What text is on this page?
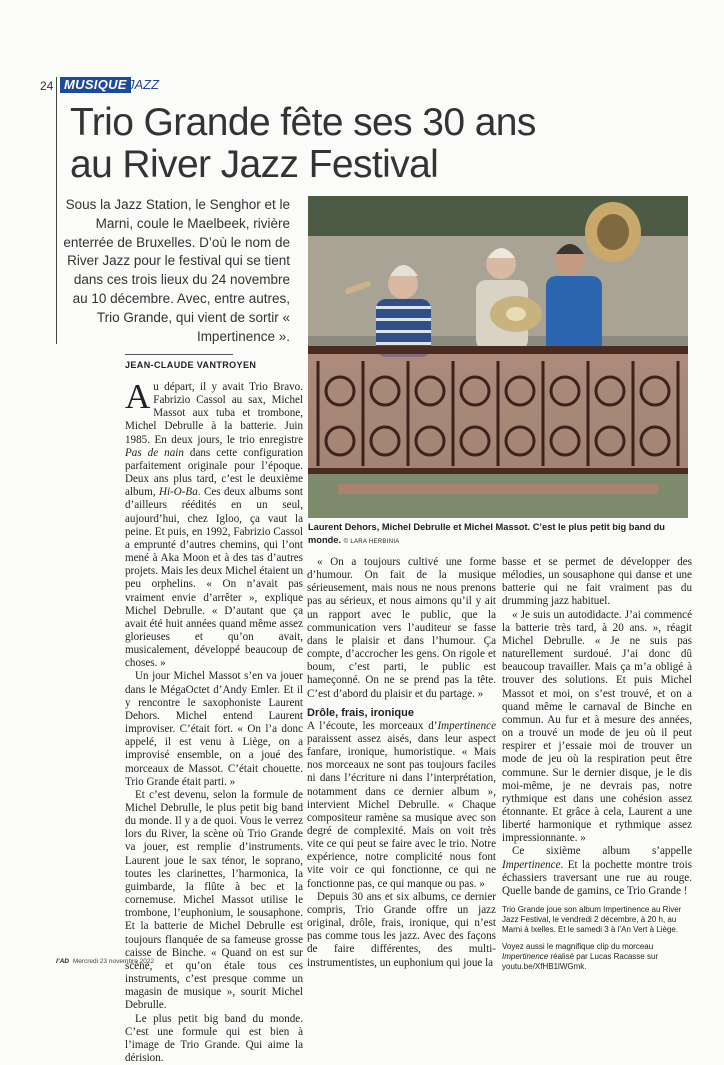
24 MUSIQUE JAZZ
Trio Grande fête ses 30 ans
au River Jazz Festival
Sous la Jazz Station, le Senghor et le Marni, coule le Maelbeek, rivière enterrée de Bruxelles. D’où le nom de River Jazz pour le festival qui se tient dans ces trois lieux du 24 novembre au 10 décembre. Avec, entre autres, Trio Grande, qui vient de sortir « Impertinence ».
Laurent Dehors, Michel Debrulle et Michel Massot. C’est le plus petit big band du monde. © LARA HERBINIA
JEAN-CLAUDE VANTROYEN

Au départ, il y avait Trio Bravo. Fabrizio Cassol au sax, Michel Massot aux tuba et trombone, Michel Debrulle à la batterie. Juin 1985. En deux jours, le trio enregistre Pas de nain dans cette configuration parfaitement originale pour l’époque. Deux ans plus tard, c’est le deuxième album, Hi-O-Ba. Ces deux albums sont d’ailleurs réédités en un seul, aujourd’hui, chez Igloo, ça vaut la peine. Et puis, en 1992, Fabrizio Cassol a emprunté d’autres chemins, qui l’ont mené à Aka Moon et à des tas d’autres projets. Mais les deux Michel étaient un peu orphelins. « On n’avait pas vraiment envie d’arrêter », explique Michel Debrulle. « D’autant que ça avait été huit années quand même assez glorieuses et qu’on avait, musicalement, développé beaucoup de choses. »

Un jour Michel Massot s’en va jouer dans le MégaOctet d’Andy Emler. Et il y rencontre le saxophoniste Laurent Dehors. Michel entend Laurent improviser. C’était fort. « On l’a donc appelé, il est venu à Liège, on a improvisé ensemble, on a joué des morceaux de Massot. C’était chouette. Trio Grande était parti. »

Et c’est devenu, selon la formule de Michel Debrulle, le plus petit big band du monde. Il y a de quoi. Vous le verrez lors du River, la scène où Trio Grande va jouer, est remplie d’instruments. Laurent joue le sax ténor, le soprano, toutes les clarinettes, l’harmonica, la guimbarde, la flûte à bec et la cornemuse. Michel Massot utilise le trombone, l’euphonium, le sousaphone. Et la batterie de Michel Debrulle est toujours flanquée de sa fameuse grosse caisse de Binche. « Quand on est sur scène, et qu’on étale tous ces instruments, c’est presque comme un magasin de musique », sourit Michel Debrulle.

Le plus petit big band du monde. C’est une formule qui est bien à l’image de Trio Grande. Qui aime la dérision.

« On a toujours cultivé une forme d’humour. On fait de la musique sérieusement, mais nous ne nous prenons pas au sérieux, et nous aimons qu’il y ait un rapport avec le public, que la communication vers l’auditeur se fasse dans le plaisir et dans l’humour. Ça compte, d’accrocher les gens. On rigole et boum, c’est parti, le public est hameçonné. On ne se prend pas la tête. C’est d’abord du plaisir et du partage. »

Drôle, frais, ironique

A l’écoute, les morceaux d’Impertinence paraissent assez aisés, dans leur aspect fanfare, ironique, humoristique. « Mais nos morceaux ne sont pas toujours faciles ni dans l’écriture ni dans l’interprétation, notamment dans ce dernier album », intervient Michel Debrulle. « Chaque compositeur ramène sa musique avec son degré de complexité. Mais on voit très vite ce qui peut se faire avec le trio. Notre expérience, notre complicité nous font vite voir ce qui fonctionne, ce qui ne fonctionne pas, ce qui manque ou pas. »

Depuis 30 ans et six albums, ce dernier compris, Trio Grande offre un jazz original, drôle, frais, ironique, qui n’est pas comme tous les jazz. Avec des façons de faire différentes, des multi-instrumentistes, un euphonium qui joue la

basse et se permet de développer des mélodies, un sousaphone qui danse et une batterie qui ne fait vraiment pas du drumming jazz habituel.

« Je suis un autodidacte. J’ai commencé la batterie très tard, à 20 ans. », réagit Michel Debrulle. « Je ne suis pas naturellement surdoué. J’ai donc dû beaucoup travailler. Mais ça m’a obligé à trouver des solutions. Et puis Michel Massot et moi, on s’est trouvé, et on a quand même le carnaval de Binche en commun. Au fur et à mesure des années, on a trouvé un mode de jeu où il peut respirer et j’essaie moi de trouver un mode de jeu où la respiration peut être commune. Sur le dernier disque, je le dis moi-même, je ne devrais pas, notre rythmique est dans une cohésion assez étonnante. Et grâce à cela, Laurent a une liberté harmonique et rythmique assez impressionnante. »

Ce sixième album s’appelle Impertinence. Et la pochette montre trois échassiers traversant une rue au rouge. Quelle bande de gamins, ce Trio Grande !

Trio Grande joue son album Impertinence au River Jazz Festival, le vendredi 2 décembre, à 20 h, au Marni à Ixelles. Et le samedi 3 à l’An Vert à Liège.
Voyez aussi le magnifique clip du morceau Impertinence réalisé par Lucas Racasse sur youtu.be/XfHB1lWGmk.
l’AD Mercredi 23 novembre 2022
